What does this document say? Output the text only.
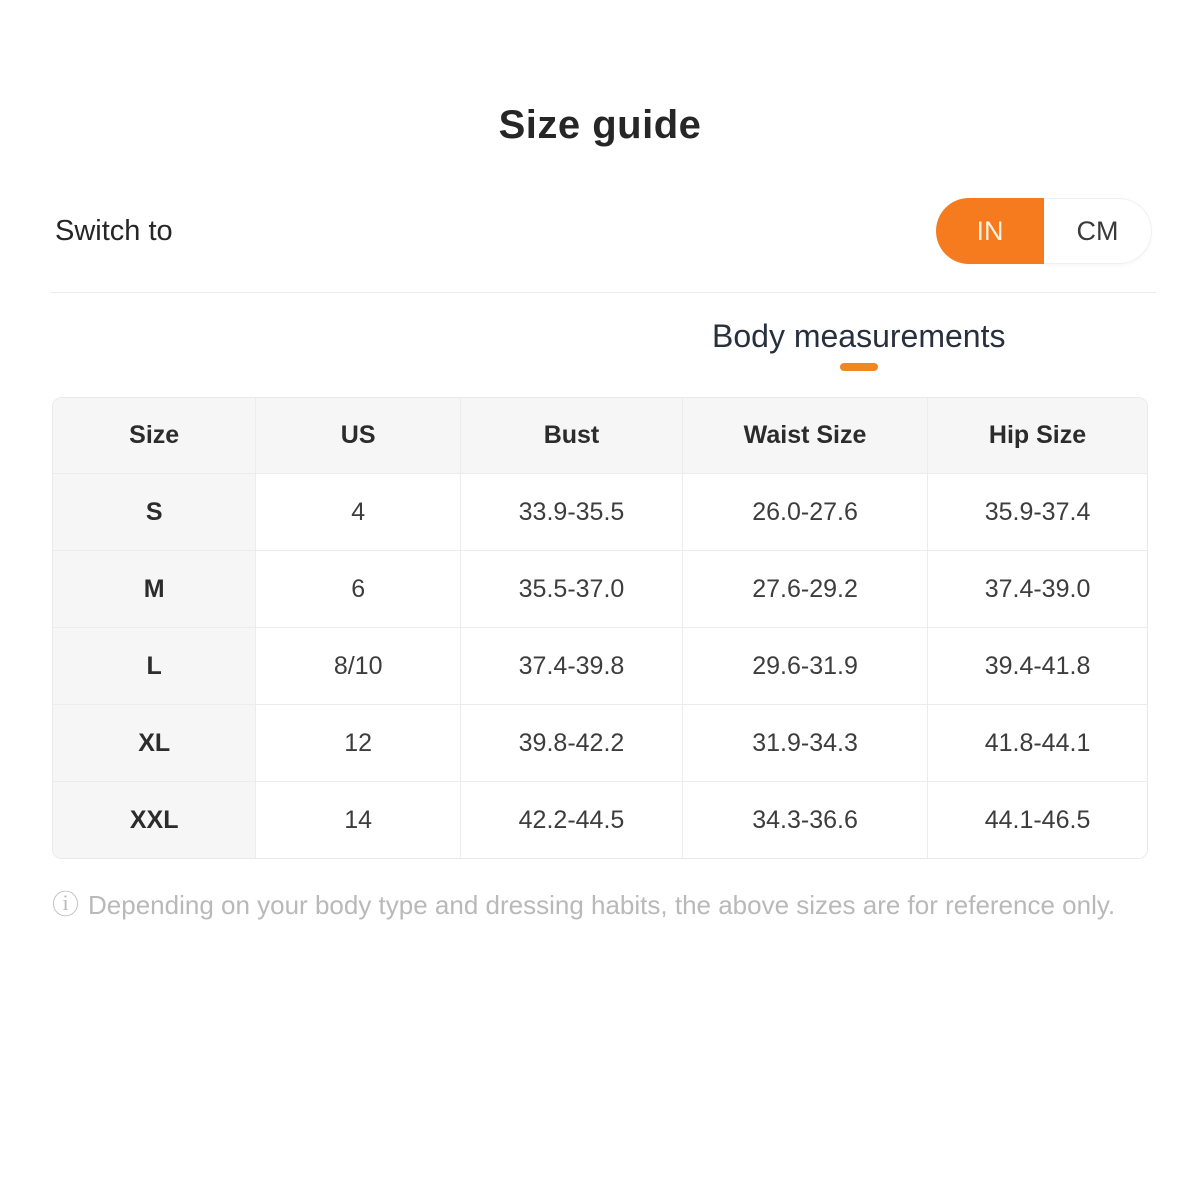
Size guide
Switch to	IN	CM
Body measurements
Size	US	Bust	Waist Size	Hip Size
S	4	33.9-35.5	26.0-27.6	35.9-37.4
M	6	35.5-37.0	27.6-29.2	37.4-39.0
L	8/10	37.4-39.8	29.6-31.9	39.4-41.8
XL	12	39.8-42.2	31.9-34.3	41.8-44.1
XXL	14	42.2-44.5	34.3-36.6	44.1-46.5
ⓘ Depending on your body type and dressing habits, the above sizes are for reference only.
